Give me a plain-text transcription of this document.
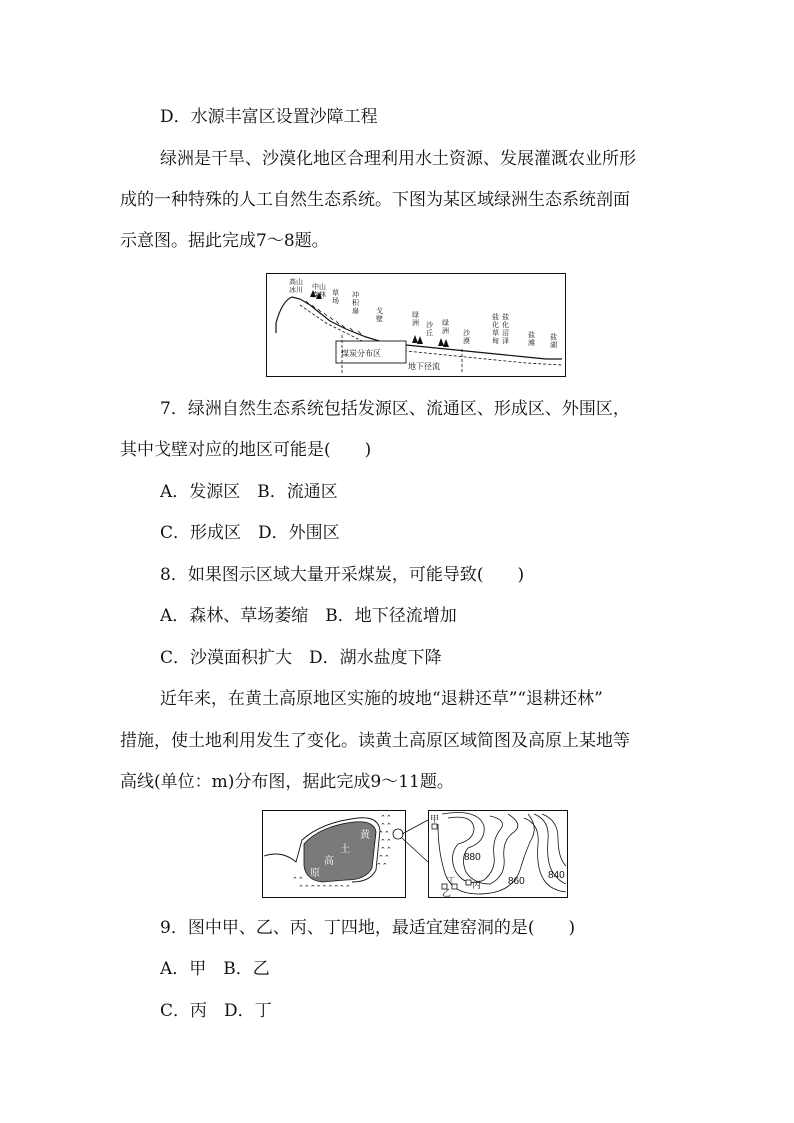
D．水源丰富区设置沙障工程
绿洲是干旱、沙漠化地区合理利用水土资源、发展灌溉农业所形
成的一种特殊的人工自然生态系统。下图为某区域绿洲生态系统剖面
示意图。据此完成7～8题。
煤炭分布区
地下径流
高山
冰川 中山
森林 草
场
冲
积
扇 戈
壁	绿
洲 沙
丘
绿
洲 沙
漠
盐
化
草
甸
盐
化
沼
泽
盐
滩
盐
湖
7．绿洲自然生态系统包括发源区、流通区、形成区、外围区，
其中戈壁对应的地区可能是(　　)
A．发源区　B．流通区
C．形成区　D．外围区
8．如果图示区域大量开采煤炭，可能导致(　　)
A．森林、草场萎缩　B．地下径流增加
C．沙漠面积扩大　D．湖水盐度下降
近年来，在黄土高原地区实施的坡地“退耕还草”“退耕还林”
措施，使土地利用发生了变化。读黄土高原区域简图及高原上某地等
高线(单位：m)分布图，据此完成9～11题。
黄
土
高
原
⌃⌃
⌃⌃
⌃⌃
⌃⌃
⌃⌃
⌃⌃
⌃⌃
⌃⌃⌃⌃⌃⌃⌃⌃⌃
⌃⌃
甲
乙
丙
丁
880
860
840
9．图中甲、乙、丙、丁四地，最适宜建窑洞的是(　　)
A．甲　B．乙
C．丙　D．丁
